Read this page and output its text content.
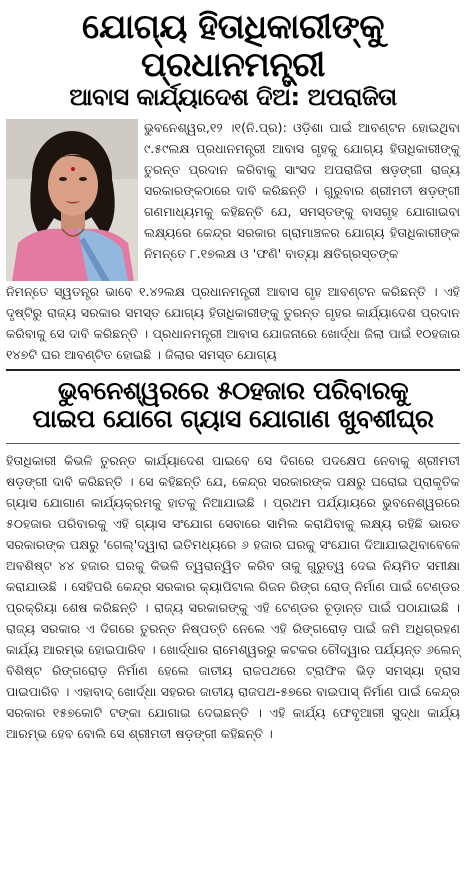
ଯୋଗ୍ୟ ହିତାଧିକାରୀଙ୍କୁ ପ୍ରଧାନମନ୍ତ୍ରୀ
ଆବାସ କାର୍ଯ୍ୟାଦେଶ ଦିଅ: ଅପରାଜିତା

ଭୁବନେଶ୍ୱର,୧୨ ।୧(ନି.ପ୍ର): ଓଡ଼ିଶା ପାଇଁ ଆବଣ୍ଟନ ହୋଇଥିବା ୯.୫୯ଲକ୍ଷ ପ୍ରଧାନମନ୍ତ୍ରୀ ଆବାସ ଗୃହକୁ ଯୋଗ୍ୟ ହିତାଧିକାରୀଙ୍କୁ ତୁରନ୍ତ ପ୍ରଦାନ କରିବାକୁ ସାଂସଦ ଅପରାଜିତା ଷଡ଼ଙ୍ଗୀ ରାଜ୍ୟ ସରକାରଙ୍କଠାରେ ଦାବି କରିଛନ୍ତି । ଗୁରୁବାର ଶ୍ରୀମତୀ ଷଡ଼ଙ୍ଗୀ ଗଣମାଧ୍ୟମକୁ କହିଛନ୍ତି ଯେ, ସମସ୍ତଙ୍କୁ ବାସଗୃହ ଯୋଗାଇବା ଲକ୍ଷ୍ୟରେ କେନ୍ଦ୍ର ସରକାର ଗ୍ରାମାଞ୍ଚଳର ଯୋଗ୍ୟ ହିତାଧିକାରୀଙ୍କ ନିମନ୍ତେ ୮.୧୭ଲକ୍ଷ ଓ 'ଫଣି' ବାତ୍ୟା କ୍ଷତିଗ୍ରସ୍ତଙ୍କ

ନିମନ୍ତେ ସ୍ୱତନ୍ତ୍ର ଭାବେ ୧.୪୨ଲକ୍ଷ ପ୍ରଧାନମନ୍ତ୍ରୀ ଆବାସ ଗୃହ ଆବଣ୍ଟନ କରିଛନ୍ତି । ଏହି ଦୃଷ୍ଟିରୁ ରାଜ୍ୟ ସରକାର ସମସ୍ତ ଯୋଗ୍ୟ ହିତାଧିକାରୀଙ୍କୁ ତୁରନ୍ତ ଗୃହର କାର୍ଯ୍ୟାଦେଶ ପ୍ରଦାନ କରିବାକୁ ସେ ଦାବି କରିଛନ୍ତି । ପ୍ରଧାନମନ୍ତ୍ରୀ ଆବାସ ଯୋଜନାରେ ଖୋର୍ଦ୍ଧା ଜିଲା ପାଇଁ ୧୦ହଜାର ୧୪୭ଟି ଘର ଆବଣ୍ଟିତ ହୋଇଛି । ଜିଲାର ସମସ୍ତ ଯୋଗ୍ୟ

ଭୁବନେଶ୍ୱରରେ ୫୦ହଜାର ପରିବାରକୁ
ପାଇପ ଯୋଗେ ଗ୍ୟାସ ଯୋଗାଣ ଖୁବଶୀଘ୍ର

ହିତାଧିକାରୀ କିଭଳି ତୁରନ୍ତ କାର୍ଯ୍ୟାଦେଶ ପାଇବେ ସେ ଦିଗରେ ପଦକ୍ଷେପ ନେବାକୁ ଶ୍ରୀମତୀ ଷଡ଼ଙ୍ଗୀ ଦାବି କରିଛନ୍ତି । ସେ କହିଛନ୍ତି ଯେ, କେନ୍ଦ୍ର ସରକାରଙ୍କ ପକ୍ଷରୁ ଘରୋଇ ପ୍ରାକୃତିକ ଗ୍ୟାସ ଯୋଗାଣ କାର୍ଯ୍ୟକ୍ରମକୁ ହାତକୁ ନିଆଯାଇଛି । ପ୍ରଥମ ପର୍ଯ୍ୟାୟରେ ଭୁବନେଶ୍ୱରରେ ୫୦ହଜାର ପରିବାରକୁ ଏହି ଗ୍ୟାସ ସଂଯୋଗ ସେବାରେ ସାମିଲ କରାଯିବାକୁ ଲକ୍ଷ୍ୟ ରହିଛି ଭାରତ ସରକାରଙ୍କ ପକ୍ଷରୁ 'ଗେଲ୍'ଦ୍ୱାରା ଇତିମଧ୍ୟରେ ୬ ହଜାର ଘରକୁ ସଂଯୋଗ ଦିଆଯାଇଥିବାବେଳେ ଅବଶିଷ୍ଟ ୪୪ ହଜାର ଘରକୁ କିଭଳି ତ୍ୱରାନ୍ୱିତ କରିବ ତାକୁ ଗୁରୁତ୍ୱ ଦେଇ ନିୟମିତ ସମୀକ୍ଷା କରାଯାଉଛି । ସେହିପରି କେନ୍ଦ୍ର ସରକାର କ୍ୟାପିଟାଲ ରିଜନ ରିଙ୍ଗ ରୋଡ୍ ନିର୍ମାଣ ପାଇଁ ଟେଣ୍ଡର ପ୍ରକ୍ରିୟା ଶେଷ କରିଛନ୍ତି । ରାଜ୍ୟ ସରକାରଙ୍କୁ ଏହି ଟେଣ୍ଡର ଚୂଡ଼ାନ୍ତ ପାଇଁ ପଠାଯାଇଛି । ରାଜ୍ୟ ସରକାର ଏ ଦିଗରେ ତୁରନ୍ତ ନିଷ୍ପତ୍ତି ନେଲେ ଏହି ରିଙ୍ଗରୋଡ଼ ପାଇଁ ଜମି ଅଧିଗ୍ରହଣ କାର୍ଯ୍ୟ ଆରମ୍ଭ ହୋଇପାରିବ । ଖୋର୍ଦ୍ଧାର ରାମେଶ୍ୱରରୁ କଟକର ଚୌଦ୍ୱାର ପର୍ଯ୍ୟନ୍ତ ୬ଲେନ୍ ବିଶିଷ୍ଟ ରିଙ୍ଗରୋଡ଼ ନିର୍ମାଣ ହେଲେ ଜାତୀୟ ରାଜପଥରେ ଟ୍ରାଫିକ ଭିଡ଼ ସମସ୍ୟା ହ୍ରାସ ପାଇପାରିବ । ଏହାବାଦ୍ ଖୋର୍ଦ୍ଧା ସହରର ଜାତୀୟ ରାଜପଥ-୫୭ରେ ବାଇପାସ୍ ନିର୍ମାଣ ପାଇଁ କେନ୍ଦ୍ର ସରକାର ୧୫୭କୋଟି ଟଙ୍କା ଯୋଗାଇ ଦେଇଛନ୍ତି । ଏହି କାର୍ଯ୍ୟ ଫେବୃଆରୀ ସୁଦ୍ଧା କାର୍ଯ୍ୟ ଆରମ୍ଭ ହେବ ବୋଲି ସେ ଶ୍ରୀମତୀ ଷଡ଼ଙ୍ଗୀ କହିଛନ୍ତି ।
